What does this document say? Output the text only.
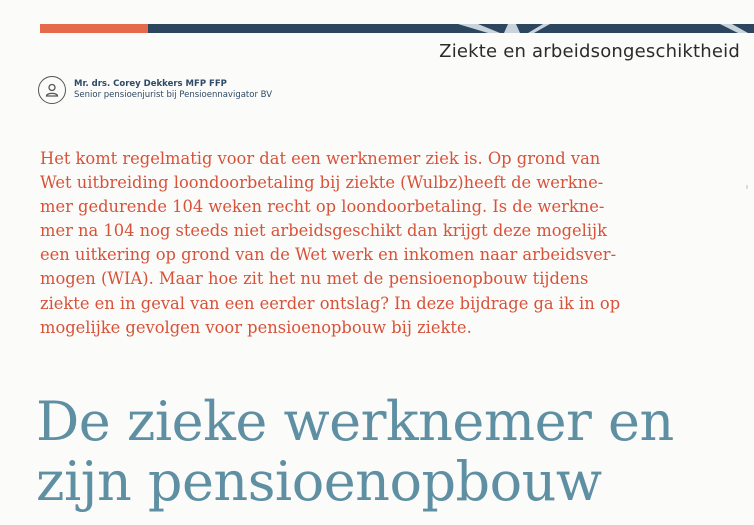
Ziekte en arbeidsongeschiktheid
Mr. drs. Corey Dekkers MFP FFP
Senior pensioenjurist bij Pensioennavigator BV
Het komt regelmatig voor dat een werknemer ziek is. Op grond van
Wet uitbreiding loondoorbetaling bij ziekte (Wulbz)heeft de werkne-
mer gedurende 104 weken recht op loondoorbetaling. Is de werkne-
mer na 104 nog steeds niet arbeidsgeschikt dan krijgt deze mogelijk
een uitkering op grond van de Wet werk en inkomen naar arbeidsver-
mogen (WIA). Maar hoe zit het nu met de pensioenopbouw tijdens
ziekte en in geval van een eerder ontslag? In deze bijdrage ga ik in op
mogelijke gevolgen voor pensioenopbouw bij ziekte.
De zieke werknemer en
zijn pensioenopbouw
